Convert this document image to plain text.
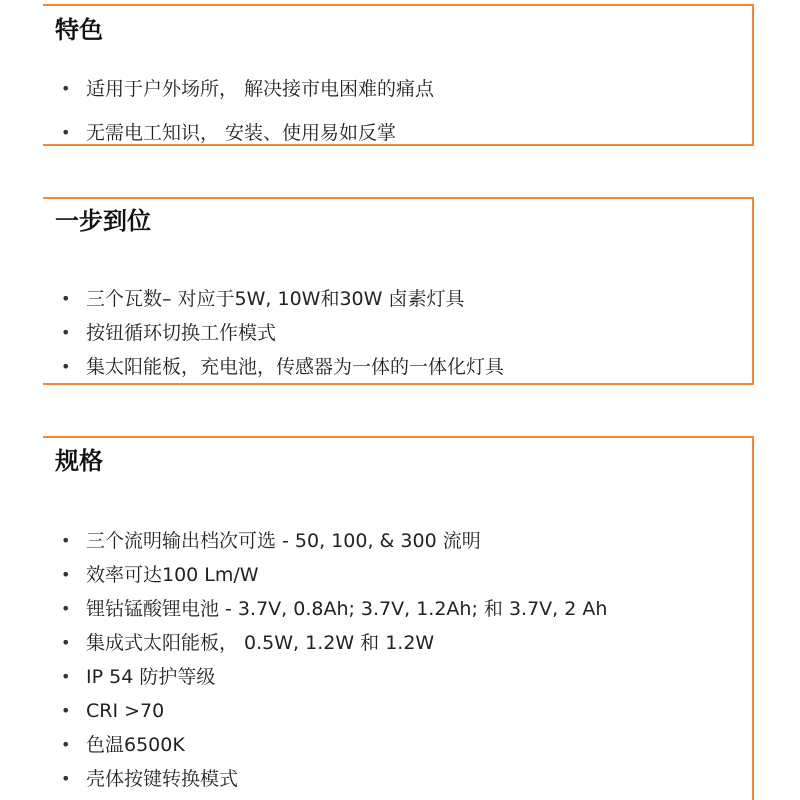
特色
• 适用于户外场所， 解决接市电困难的痛点
• 无需电工知识， 安装、使用易如反掌
一步到位
• 三个瓦数– 对应于5W, 10W和30W 卤素灯具
• 按钮循环切换工作模式
• 集太阳能板，充电池，传感器为一体的一体化灯具
规格
• 三个流明输出档次可选 - 50, 100, & 300 流明
• 效率可达100 Lm/W
• 锂钴锰酸锂电池 - 3.7V, 0.8Ah; 3.7V, 1.2Ah; 和 3.7V, 2 Ah
• 集成式太阳能板， 0.5W, 1.2W 和 1.2W
• IP 54 防护等级
• CRI >70
• 色温6500K
• 壳体按键转换模式
